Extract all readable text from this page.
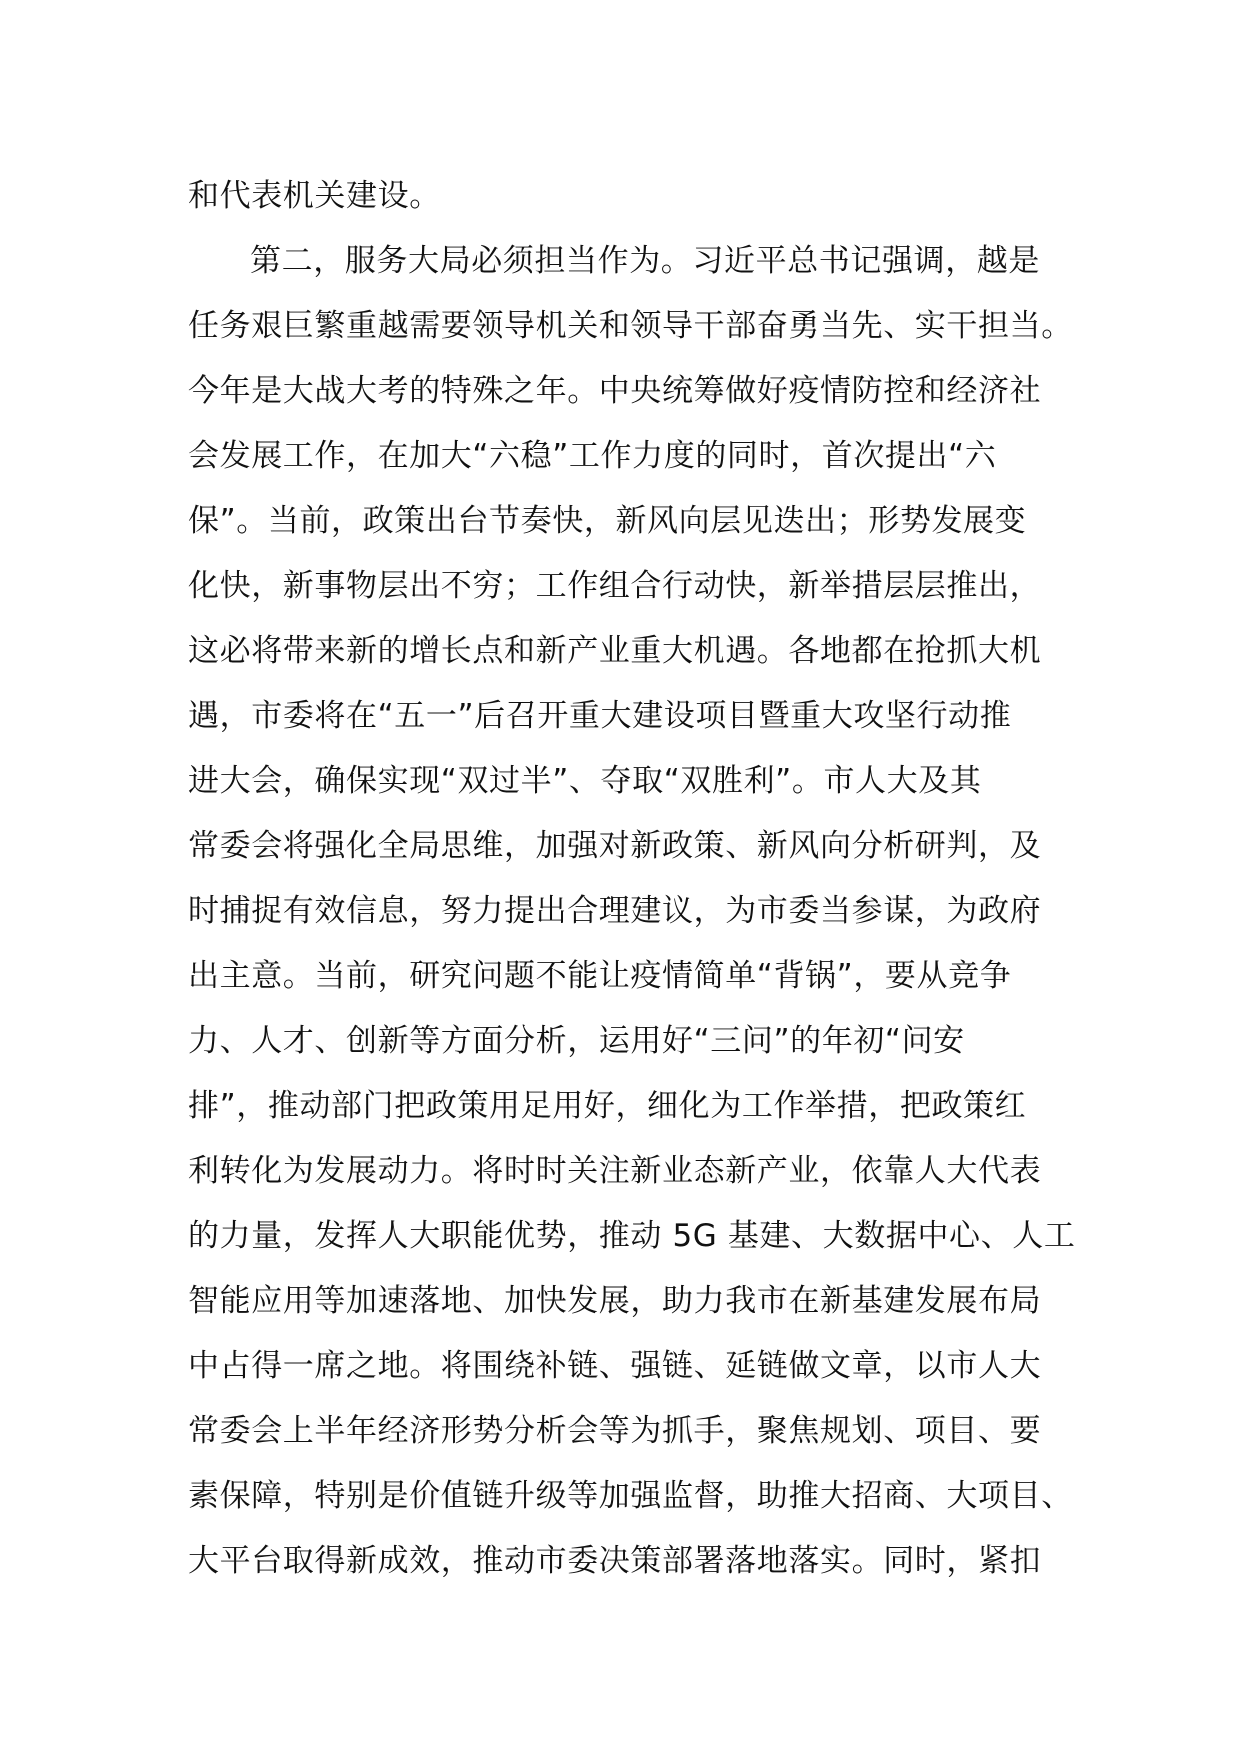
和代表机关建设。
第二，服务大局必须担当作为。习近平总书记强调，越是
任务艰巨繁重越需要领导机关和领导干部奋勇当先、实干担当。
今年是大战大考的特殊之年。中央统筹做好疫情防控和经济社
会发展工作，在加大“六稳”工作力度的同时，首次提出“六
保”。当前，政策出台节奏快，新风向层见迭出；形势发展变
化快，新事物层出不穷；工作组合行动快，新举措层层推出，
这必将带来新的增长点和新产业重大机遇。各地都在抢抓大机
遇，市委将在“五一”后召开重大建设项目暨重大攻坚行动推
进大会，确保实现“双过半”、夺取“双胜利”。市人大及其
常委会将强化全局思维，加强对新政策、新风向分析研判，及
时捕捉有效信息，努力提出合理建议，为市委当参谋，为政府
出主意。当前，研究问题不能让疫情简单“背锅”，要从竞争
力、人才、创新等方面分析，运用好“三问”的年初“问安
排”，推动部门把政策用足用好，细化为工作举措，把政策红
利转化为发展动力。将时时关注新业态新产业，依靠人大代表
的力量，发挥人大职能优势，推动 5G 基建、大数据中心、人工
智能应用等加速落地、加快发展，助力我市在新基建发展布局
中占得一席之地。将围绕补链、强链、延链做文章，以市人大
常委会上半年经济形势分析会等为抓手，聚焦规划、项目、要
素保障，特别是价值链升级等加强监督，助推大招商、大项目、
大平台取得新成效，推动市委决策部署落地落实。同时，紧扣
